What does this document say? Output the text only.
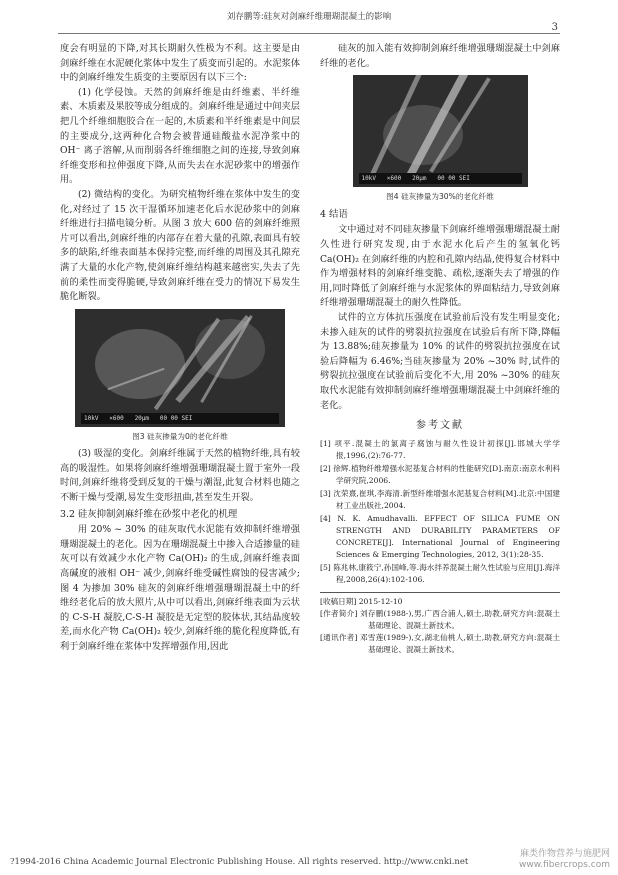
刘存鹏等:硅灰对剑麻纤维珊瑚混凝土的影响
3

度会有明显的下降,对其长期耐久性极为不利。这主要是由剑麻纤维在水泥硬化浆体中发生了质变而引起的。水泥浆体中的剑麻纤维发生质变的主要原因有以下三个:

(1) 化学侵蚀。天然的剑麻纤维是由纤维素、半纤维素、木质素及果胶等成分组成的。剑麻纤维是通过中间夹层把几个纤维细胞胶合在一起的,木质素和半纤维素是中间层的主要成分,这两种化合物会被普通硅酸盐水泥净浆中的 OH⁻ 离子溶解,从而削弱各纤维细胞之间的连接,导致剑麻纤维变形和拉伸强度下降,从而失去在水泥砂浆中的增强作用。

(2) 微结构的变化。为研究植物纤维在浆体中发生的变化,对经过了 15 次干湿循环加速老化后水泥砂浆中的剑麻纤维进行扫描电镜分析。从图 3 放大 600 倍的剑麻纤维照片可以看出,剑麻纤维的内部存在着大量的孔隙,表面具有较多的缺陷,纤维表面基本保持完整,而纤维的周围及其孔隙充满了大量的水化产物,使剑麻纤维结构越来越密实,失去了先前的柔性而变得脆硬,导致剑麻纤维在受力的情况下易发生脆化断裂。

10kV   ×600   20µm   00 00 SEI
图3 硅灰掺量为0的老化纤维

(3) 吸湿的变化。剑麻纤维属于天然的植物纤维,具有较高的吸湿性。如果将剑麻纤维增强珊瑚混凝土置于室外一段时间,剑麻纤维将受到反复的干燥与潮湿,此复合材料也随之不断干燥与受潮,易发生变形扭曲,甚至发生开裂。

3.2 硅灰抑制剑麻纤维在砂浆中老化的机理

用 20% ~ 30% 的硅灰取代水泥能有效抑制纤维增强珊瑚混凝土的老化。因为在珊瑚混凝土中掺入合适掺量的硅灰可以有效减少水化产物 Ca(OH)₂ 的生成,剑麻纤维表面高碱度的液相 OH⁻ 减少,剑麻纤维受碱性腐蚀的侵害减少;图 4 为掺加 30% 硅灰的剑麻纤维增强珊瑚混凝土中的纤维经老化后的放大照片,从中可以看出,剑麻纤维表面为云状的 C-S-H 凝胶,C-S-H 凝胶是无定型的胶体状,其结晶度较差,而水化产物 Ca(OH)₂ 较少,剑麻纤维的脆化程度降低,有利于剑麻纤维在浆体中发挥增强作用,因此

硅灰的加入能有效抑制剑麻纤维增强珊瑚混凝土中剑麻纤维的老化。

10kV   ×600   20µm   00 00 SEI
图4 硅灰掺量为30%的老化纤维
4 结语

文中通过对不同硅灰掺量下剑麻纤维增强珊瑚混凝土耐久性进行研究发现,由于水泥水化后产生的氢氧化钙 Ca(OH)₂ 在剑麻纤维的内腔和孔隙内结晶,使得复合材料中作为增强材料的剑麻纤维变脆、疏松,逐渐失去了增强的作用,同时降低了剑麻纤维与水泥浆体的界面粘结力,导致剑麻纤维增强珊瑚混凝土的耐久性降低。

试件的立方体抗压强度在试验前后没有发生明显变化;未掺入硅灰的试件的劈裂抗拉强度在试验后有所下降,降幅为 13.88%;硅灰掺量为 10% 的试件的劈裂抗拉强度在试验后降幅为 6.46%;当硅灰掺量为 20% ~30% 时,试件的劈裂抗拉强度在试验前后变化不大,用 20% ~30% 的硅灰取代水泥能有效抑制剑麻纤维增强珊瑚混凝土中剑麻纤维的老化。

参考文献
[1] 项平.混凝土的氯离子腐蚀与耐久性设计初探[J].邯城大学学报,1996,(2):76-77.
[2] 徐辉.植物纤维增强水泥基复合材料的性能研究[D].南京:南京水利科学研究院,2006.
[3] 沈荣熹,崔琪,李海清.新型纤维增强水泥基复合材料[M].北京:中国建材工业出版社,2004.
[4] N. K. Amudhavalli. EFFECT OF SILICA FUME ON STRENGTH AND DURABILITY PARAMETERS OF CONCRETE[J]. International Journal of Engineering Sciences & Emerging Technologies, 2012, 3(1):28-35.
[5] 陈兆林,康筱宁,孙国峰,等.海水拌养混凝土耐久性试验与应用[J].海洋程,2008,26(4):102-106.
[收稿日期] 2015-12-10
[作者简介] 刘存鹏(1988-),男,广西合浦人,硕士,助教,研究方向:混凝土基础理论、混凝土新技术。
[通讯作者] 邓雪莲(1989-),女,湖北仙桃人,硕士,助教,研究方向:混凝土基础理论、混凝土新技术。
?1994-2016 China Academic Journal Electronic Publishing House. All rights reserved. http://www.cnki.net
麻类作物营养与施肥网
www.fibercrops.com
